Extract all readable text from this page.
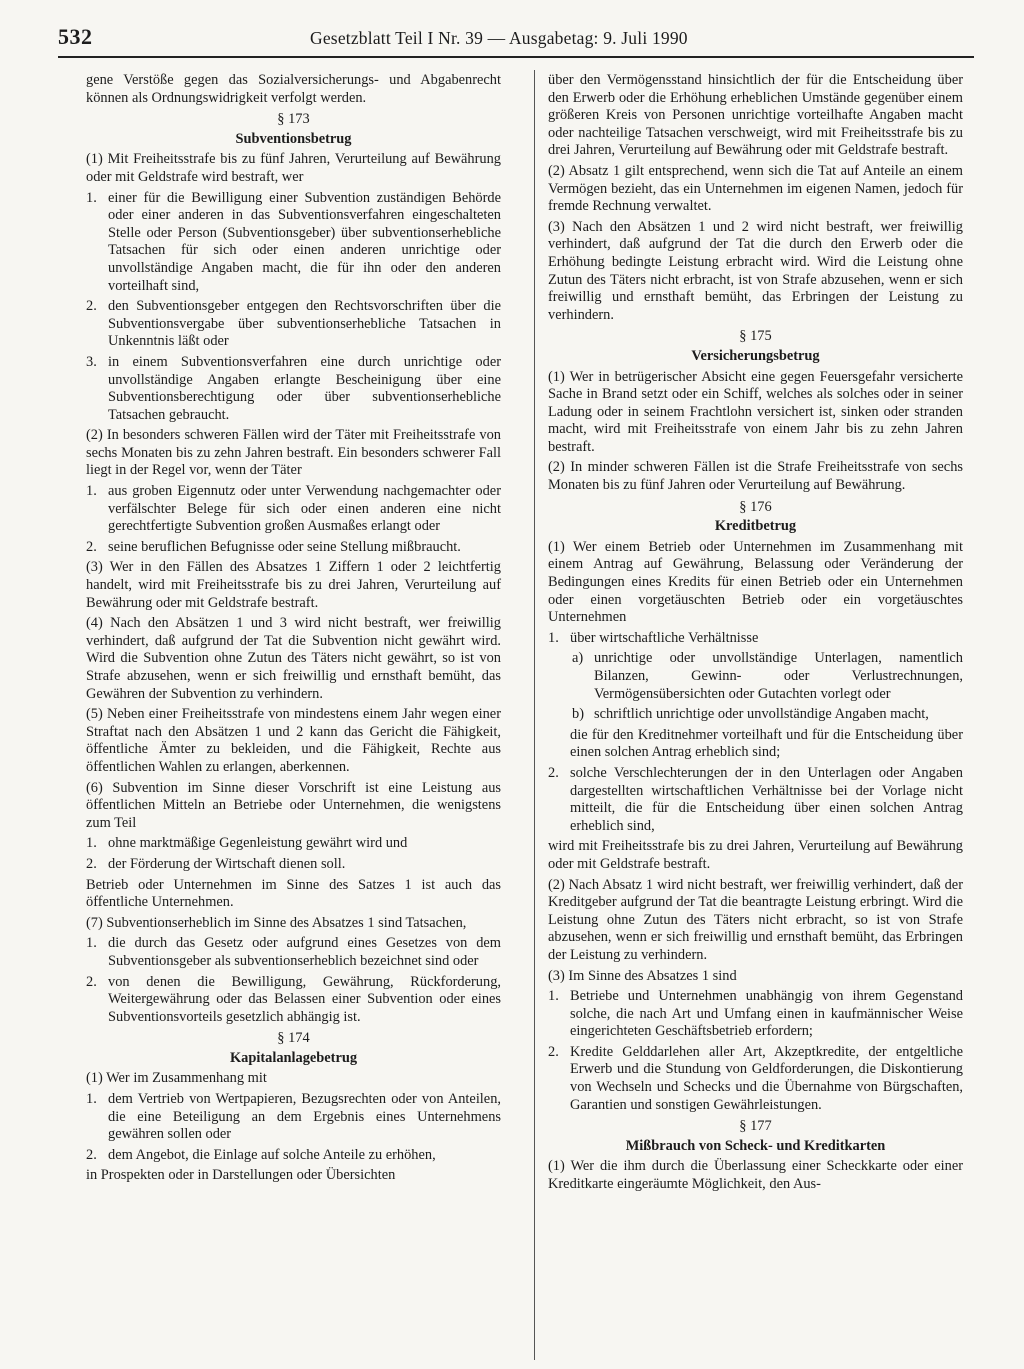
532	Gesetzblatt Teil I Nr. 39 — Ausgabetag: 9. Juli 1990

gene Verstöße gegen das Sozialversicherungs- und Abgabenrecht können als Ordnungswidrigkeit verfolgt werden.

§ 173
Subventionsbetrug

(1) Mit Freiheitsstrafe bis zu fünf Jahren, Verurteilung auf Bewährung oder mit Geldstrafe wird bestraft, wer

1. einer für die Bewilligung einer Subvention zuständigen Behörde oder einer anderen in das Subventionsverfahren eingeschalteten Stelle oder Person (Subventionsgeber) über subventionserhebliche Tatsachen für sich oder einen anderen unrichtige oder unvollständige Angaben macht, die für ihn oder den anderen vorteilhaft sind,
2. den Subventionsgeber entgegen den Rechtsvorschriften über die Subventionsvergabe über subventionserhebliche Tatsachen in Unkenntnis läßt oder
3. in einem Subventionsverfahren eine durch unrichtige oder unvollständige Angaben erlangte Bescheinigung über eine Subventionsberechtigung oder über subventionserhebliche Tatsachen gebraucht.

(2) In besonders schweren Fällen wird der Täter mit Freiheitsstrafe von sechs Monaten bis zu zehn Jahren bestraft. Ein besonders schwerer Fall liegt in der Regel vor, wenn der Täter

1. aus groben Eigennutz oder unter Verwendung nachgemachter oder verfälschter Belege für sich oder einen anderen eine nicht gerechtfertigte Subvention großen Ausmaßes erlangt oder
2. seine beruflichen Befugnisse oder seine Stellung mißbraucht.

(3) Wer in den Fällen des Absatzes 1 Ziffern 1 oder 2 leichtfertig handelt, wird mit Freiheitsstrafe bis zu drei Jahren, Verurteilung auf Bewährung oder mit Geldstrafe bestraft.

(4) Nach den Absätzen 1 und 3 wird nicht bestraft, wer freiwillig verhindert, daß aufgrund der Tat die Subvention nicht gewährt wird. Wird die Subvention ohne Zutun des Täters nicht gewährt, so ist von Strafe abzusehen, wenn er sich freiwillig und ernsthaft bemüht, das Gewähren der Subvention zu verhindern.

(5) Neben einer Freiheitsstrafe von mindestens einem Jahr wegen einer Straftat nach den Absätzen 1 und 2 kann das Gericht die Fähigkeit, öffentliche Ämter zu bekleiden, und die Fähigkeit, Rechte aus öffentlichen Wahlen zu erlangen, aberkennen.

(6) Subvention im Sinne dieser Vorschrift ist eine Leistung aus öffentlichen Mitteln an Betriebe oder Unternehmen, die wenigstens zum Teil

1. ohne marktmäßige Gegenleistung gewährt wird und
2. der Förderung der Wirtschaft dienen soll.

Betrieb oder Unternehmen im Sinne des Satzes 1 ist auch das öffentliche Unternehmen.

(7) Subventionserheblich im Sinne des Absatzes 1 sind Tatsachen,

1. die durch das Gesetz oder aufgrund eines Gesetzes von dem Subventionsgeber als subventionserheblich bezeichnet sind oder
2. von denen die Bewilligung, Gewährung, Rückforderung, Weitergewährung oder das Belassen einer Subvention oder eines Subventionsvorteils gesetzlich abhängig ist.
§ 174
Kapitalanlagebetrug

(1) Wer im Zusammenhang mit

1. dem Vertrieb von Wertpapieren, Bezugsrechten oder von Anteilen, die eine Beteiligung an dem Ergebnis eines Unternehmens gewähren sollen oder
2. dem Angebot, die Einlage auf solche Anteile zu erhöhen,

in Prospekten oder in Darstellungen oder Übersichten

über den Vermögensstand hinsichtlich der für die Entscheidung über den Erwerb oder die Erhöhung erheblichen Umstände gegenüber einem größeren Kreis von Personen unrichtige vorteilhafte Angaben macht oder nachteilige Tatsachen verschweigt, wird mit Freiheitsstrafe bis zu drei Jahren, Verurteilung auf Bewährung oder mit Geldstrafe bestraft.

(2) Absatz 1 gilt entsprechend, wenn sich die Tat auf Anteile an einem Vermögen bezieht, das ein Unternehmen im eigenen Namen, jedoch für fremde Rechnung verwaltet.

(3) Nach den Absätzen 1 und 2 wird nicht bestraft, wer freiwillig verhindert, daß aufgrund der Tat die durch den Erwerb oder die Erhöhung bedingte Leistung erbracht wird. Wird die Leistung ohne Zutun des Täters nicht erbracht, ist von Strafe abzusehen, wenn er sich freiwillig und ernsthaft bemüht, das Erbringen der Leistung zu verhindern.

§ 175
Versicherungsbetrug

(1) Wer in betrügerischer Absicht eine gegen Feuersgefahr versicherte Sache in Brand setzt oder ein Schiff, welches als solches oder in seiner Ladung oder in seinem Frachtlohn versichert ist, sinken oder stranden macht, wird mit Freiheitsstrafe von einem Jahr bis zu zehn Jahren bestraft.

(2) In minder schweren Fällen ist die Strafe Freiheitsstrafe von sechs Monaten bis zu fünf Jahren oder Verurteilung auf Bewährung.

§ 176
Kreditbetrug

(1) Wer einem Betrieb oder Unternehmen im Zusammenhang mit einem Antrag auf Gewährung, Belassung oder Veränderung der Bedingungen eines Kredits für einen Betrieb oder ein Unternehmen oder einen vorgetäuschten Betrieb oder ein vorgetäuschtes Unternehmen

1. über wirtschaftliche Verhältnisse
a) unrichtige oder unvollständige Unterlagen, namentlich Bilanzen, Gewinn- oder Verlustrechnungen, Vermögensübersichten oder Gutachten vorlegt oder
b) schriftlich unrichtige oder unvollständige Angaben macht,

die für den Kreditnehmer vorteilhaft und für die Entscheidung über einen solchen Antrag erheblich sind;

2. solche Verschlechterungen der in den Unterlagen oder Angaben dargestellten wirtschaftlichen Verhältnisse bei der Vorlage nicht mitteilt, die für die Entscheidung über einen solchen Antrag erheblich sind,

wird mit Freiheitsstrafe bis zu drei Jahren, Verurteilung auf Bewährung oder mit Geldstrafe bestraft.

(2) Nach Absatz 1 wird nicht bestraft, wer freiwillig verhindert, daß der Kreditgeber aufgrund der Tat die beantragte Leistung erbringt. Wird die Leistung ohne Zutun des Täters nicht erbracht, so ist von Strafe abzusehen, wenn er sich freiwillig und ernsthaft bemüht, das Erbringen der Leistung zu verhindern.

(3) Im Sinne des Absatzes 1 sind

1. Betriebe und Unternehmen unabhängig von ihrem Gegenstand solche, die nach Art und Umfang einen in kaufmännischer Weise eingerichteten Geschäftsbetrieb erfordern;
2. Kredite Gelddarlehen aller Art, Akzeptkredite, der entgeltliche Erwerb und die Stundung von Geldforderungen, die Diskontierung von Wechseln und Schecks und die Übernahme von Bürgschaften, Garantien und sonstigen Gewährleistungen.
§ 177
Mißbrauch von Scheck- und Kreditkarten

(1) Wer die ihm durch die Überlassung einer Scheckkarte oder einer Kreditkarte eingeräumte Möglichkeit, den Aus-
